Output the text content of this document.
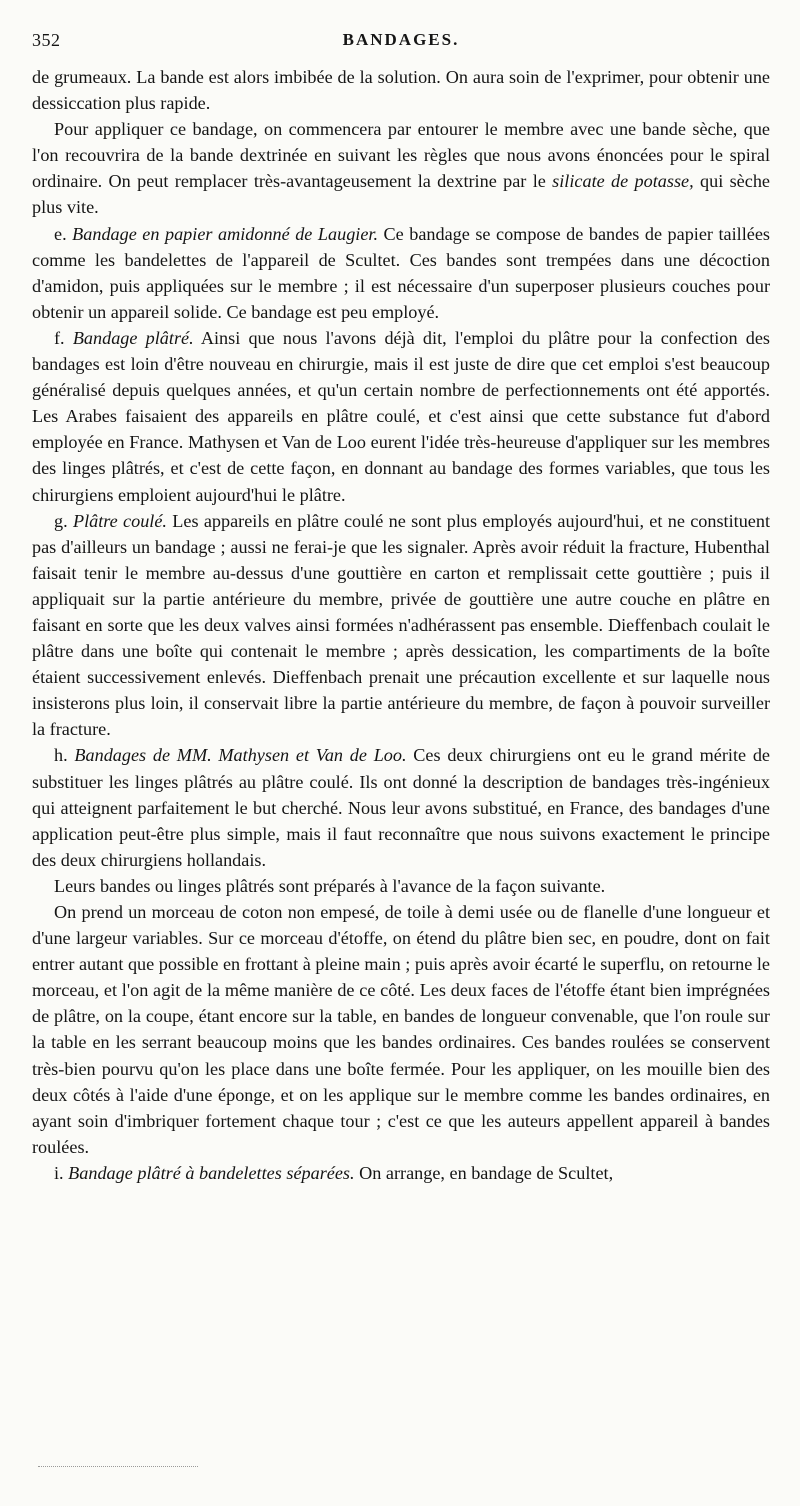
352	BANDAGES.

de grumeaux. La bande est alors imbibée de la solution. On aura soin de l'exprimer, pour obtenir une dessiccation plus rapide.

Pour appliquer ce bandage, on commencera par entourer le membre avec une bande sèche, que l'on recouvrira de la bande dextrinée en suivant les règles que nous avons énoncées pour le spiral ordinaire. On peut remplacer très-avantageusement la dextrine par le silicate de potasse, qui sèche plus vite.

e. Bandage en papier amidonné de Laugier. Ce bandage se compose de bandes de papier taillées comme les bandelettes de l'appareil de Scultet. Ces bandes sont trempées dans une décoction d'amidon, puis appliquées sur le membre ; il est nécessaire d'un superposer plusieurs couches pour obtenir un appareil solide. Ce bandage est peu employé.

f. Bandage plâtré. Ainsi que nous l'avons déjà dit, l'emploi du plâtre pour la confection des bandages est loin d'être nouveau en chirurgie, mais il est juste de dire que cet emploi s'est beaucoup généralisé depuis quelques années, et qu'un certain nombre de perfectionnements ont été apportés. Les Arabes faisaient des appareils en plâtre coulé, et c'est ainsi que cette substance fut d'abord employée en France. Mathysen et Van de Loo eurent l'idée très-heureuse d'appliquer sur les membres des linges plâtrés, et c'est de cette façon, en donnant au bandage des formes variables, que tous les chirurgiens emploient aujourd'hui le plâtre.

g. Plâtre coulé. Les appareils en plâtre coulé ne sont plus employés aujourd'hui, et ne constituent pas d'ailleurs un bandage ; aussi ne ferai-je que les signaler. Après avoir réduit la fracture, Hubenthal faisait tenir le membre au-dessus d'une gouttière en carton et remplissait cette gouttière ; puis il appliquait sur la partie antérieure du membre, privée de gouttière une autre couche en plâtre en faisant en sorte que les deux valves ainsi formées n'adhérassent pas ensemble. Dieffenbach coulait le plâtre dans une boîte qui contenait le membre ; après dessication, les compartiments de la boîte étaient successivement enlevés. Dieffenbach prenait une précaution excellente et sur laquelle nous insisterons plus loin, il conservait libre la partie antérieure du membre, de façon à pouvoir surveiller la fracture.

h. Bandages de MM. Mathysen et Van de Loo. Ces deux chirurgiens ont eu le grand mérite de substituer les linges plâtrés au plâtre coulé. Ils ont donné la description de bandages très-ingénieux qui atteignent parfaitement le but cherché. Nous leur avons substitué, en France, des bandages d'une application peut-être plus simple, mais il faut reconnaître que nous suivons exactement le principe des deux chirurgiens hollandais.

Leurs bandes ou linges plâtrés sont préparés à l'avance de la façon suivante.

On prend un morceau de coton non empesé, de toile à demi usée ou de flanelle d'une longueur et d'une largeur variables. Sur ce morceau d'étoffe, on étend du plâtre bien sec, en poudre, dont on fait entrer autant que possible en frottant à pleine main ; puis après avoir écarté le superflu, on retourne le morceau, et l'on agit de la même manière de ce côté. Les deux faces de l'étoffe étant bien imprégnées de plâtre, on la coupe, étant encore sur la table, en bandes de longueur convenable, que l'on roule sur la table en les serrant beaucoup moins que les bandes ordinaires. Ces bandes roulées se conservent très-bien pourvu qu'on les place dans une boîte fermée. Pour les appliquer, on les mouille bien des deux côtés à l'aide d'une éponge, et on les applique sur le membre comme les bandes ordinaires, en ayant soin d'imbriquer fortement chaque tour ; c'est ce que les auteurs appellent appareil à bandes roulées.

i. Bandage plâtré à bandelettes séparées. On arrange, en bandage de Scultet,
